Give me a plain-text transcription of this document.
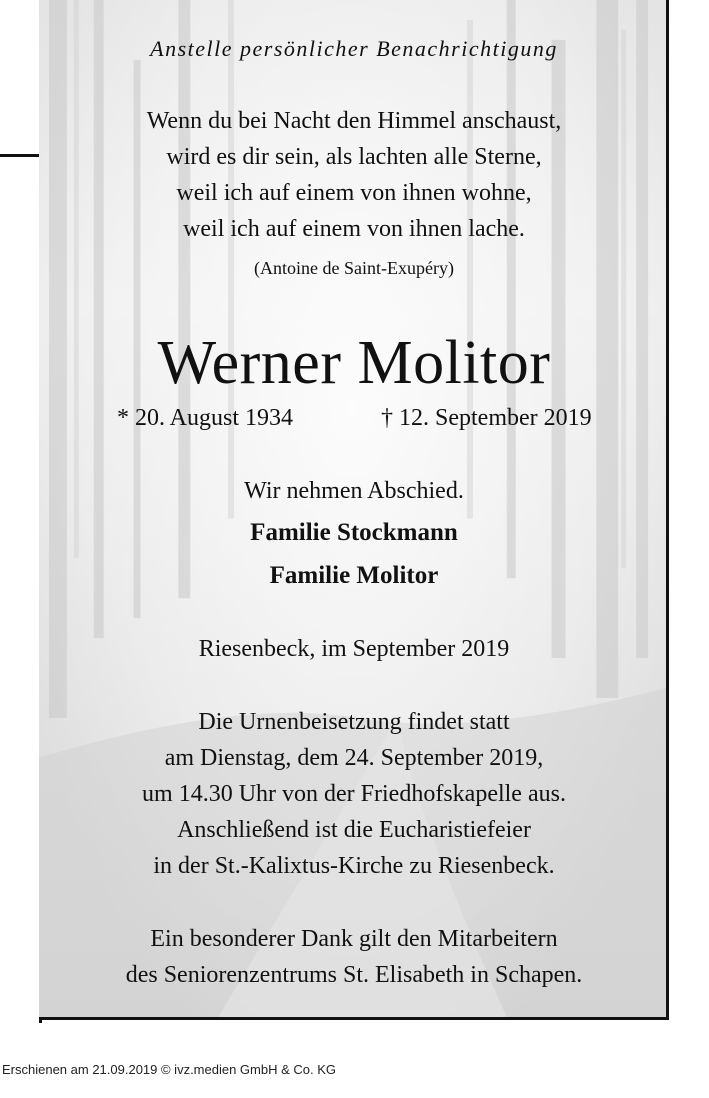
Anstelle persönlicher Benachrichtigung
Wenn du bei Nacht den Himmel anschaust,
wird es dir sein, als lachten alle Sterne,
weil ich auf einem von ihnen wohne,
weil ich auf einem von ihnen lache.
(Antoine de Saint-Exupéry)
Werner Molitor
* 20. August 1934	† 12. September 2019
Wir nehmen Abschied.
Familie Stockmann
Familie Molitor
Riesenbeck, im September 2019
Die Urnenbeisetzung findet statt
am Dienstag, dem 24. September 2019,
um 14.30 Uhr von der Friedhofskapelle aus.
Anschließend ist die Eucharistiefeier
in der St.-Kalixtus-Kirche zu Riesenbeck.
Ein besonderer Dank gilt den Mitarbeitern
des Seniorenzentrums St. Elisabeth in Schapen.
Erschienen am 21.09.2019 © ivz.medien GmbH & Co. KG
